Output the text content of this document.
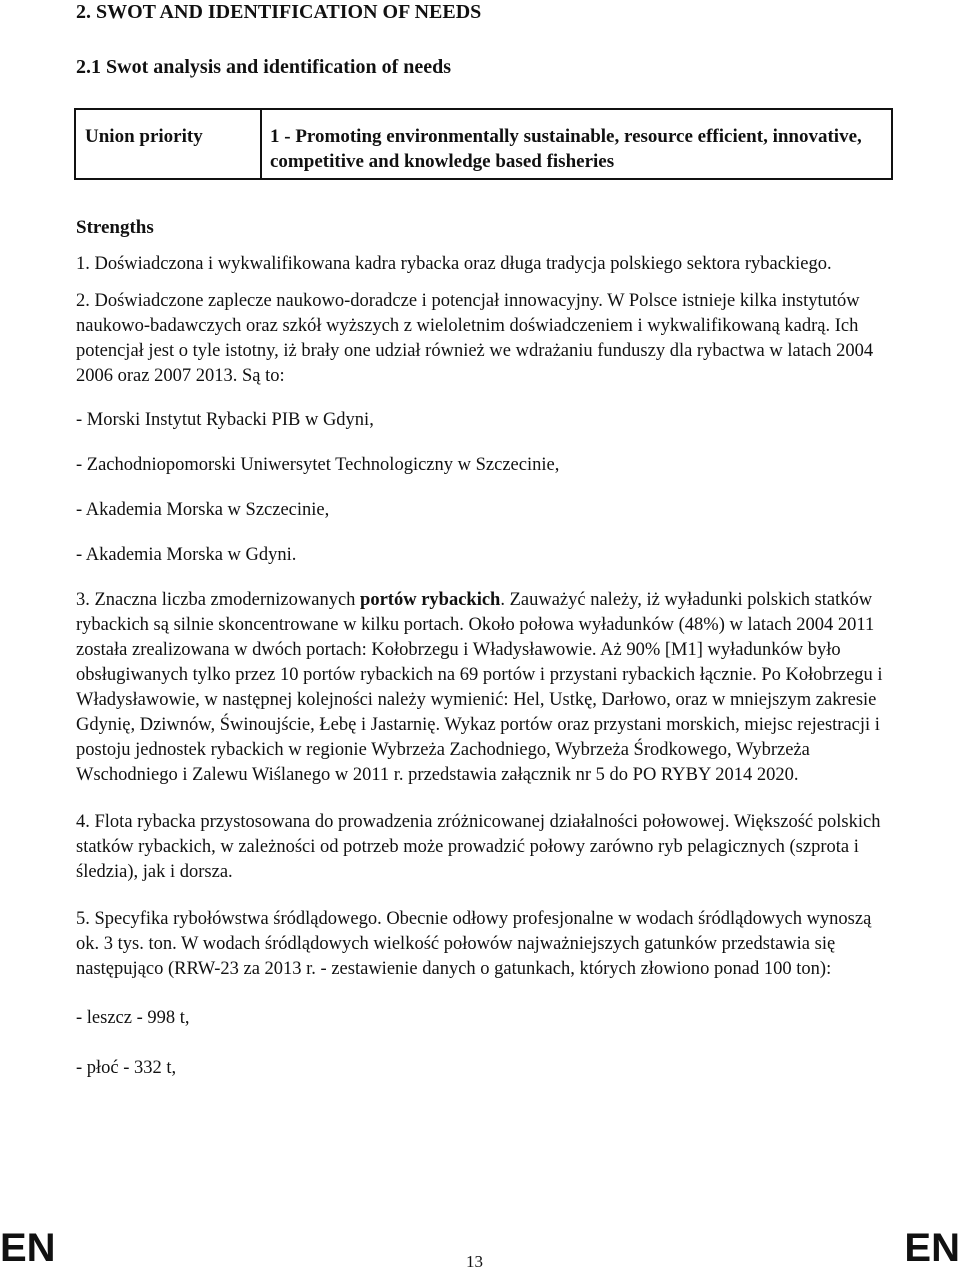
2. SWOT AND IDENTIFICATION OF NEEDS

2.1 Swot analysis and identification of needs

Union priority	1 - Promoting environmentally sustainable, resource efficient, innovative, competitive and knowledge based fisheries

Strengths

1. Doświadczona i wykwalifikowana kadra rybacka oraz długa tradycja polskiego sektora rybackiego.

2. Doświadczone zaplecze naukowo-doradcze i potencjał innowacyjny. W Polsce istnieje kilka instytutów naukowo-badawczych oraz szkół wyższych z wieloletnim doświadczeniem i wykwalifikowaną kadrą. Ich potencjał jest o tyle istotny, iż brały one udział również we wdrażaniu funduszy dla rybactwa w latach 2004 2006 oraz 2007 2013. Są to:

- Morski Instytut Rybacki PIB w Gdyni,

- Zachodniopomorski Uniwersytet Technologiczny w Szczecinie,

- Akademia Morska w Szczecinie,

- Akademia Morska w Gdyni.

3. Znaczna liczba zmodernizowanych portów rybackich. Zauważyć należy, iż wyładunki polskich statków rybackich są silnie skoncentrowane w kilku portach. Około połowa wyładunków (48%) w latach 2004 2011 została zrealizowana w dwóch portach: Kołobrzegu i Władysławowie. Aż 90% [M1] wyładunków było obsługiwanych tylko przez 10 portów rybackich na 69 portów i przystani rybackich łącznie. Po Kołobrzegu i Władysławowie, w następnej kolejności należy wymienić: Hel, Ustkę, Darłowo, oraz w mniejszym zakresie Gdynię, Dziwnów, Świnoujście, Łebę i Jastarnię. Wykaz portów oraz przystani morskich, miejsc rejestracji i postoju jednostek rybackich w regionie Wybrzeża Zachodniego, Wybrzeża Środkowego, Wybrzeża Wschodniego i Zalewu Wiślanego w 2011 r. przedstawia załącznik nr 5 do PO RYBY 2014 2020.

4. Flota rybacka przystosowana do prowadzenia zróżnicowanej działalności połowowej. Większość polskich statków rybackich, w zależności od potrzeb może prowadzić połowy zarówno ryb pelagicznych (szprota i śledzia), jak i dorsza.

5. Specyfika rybołówstwa śródlądowego. Obecnie odłowy profesjonalne w wodach śródlądowych wynoszą ok. 3 tys. ton. W wodach śródlądowych wielkość połowów najważniejszych gatunków przedstawia się następująco (RRW-23 za 2013 r. - zestawienie danych o gatunkach, których złowiono ponad 100 ton):

- leszcz - 998 t,

- płoć - 332 t,

EN	13	EN
